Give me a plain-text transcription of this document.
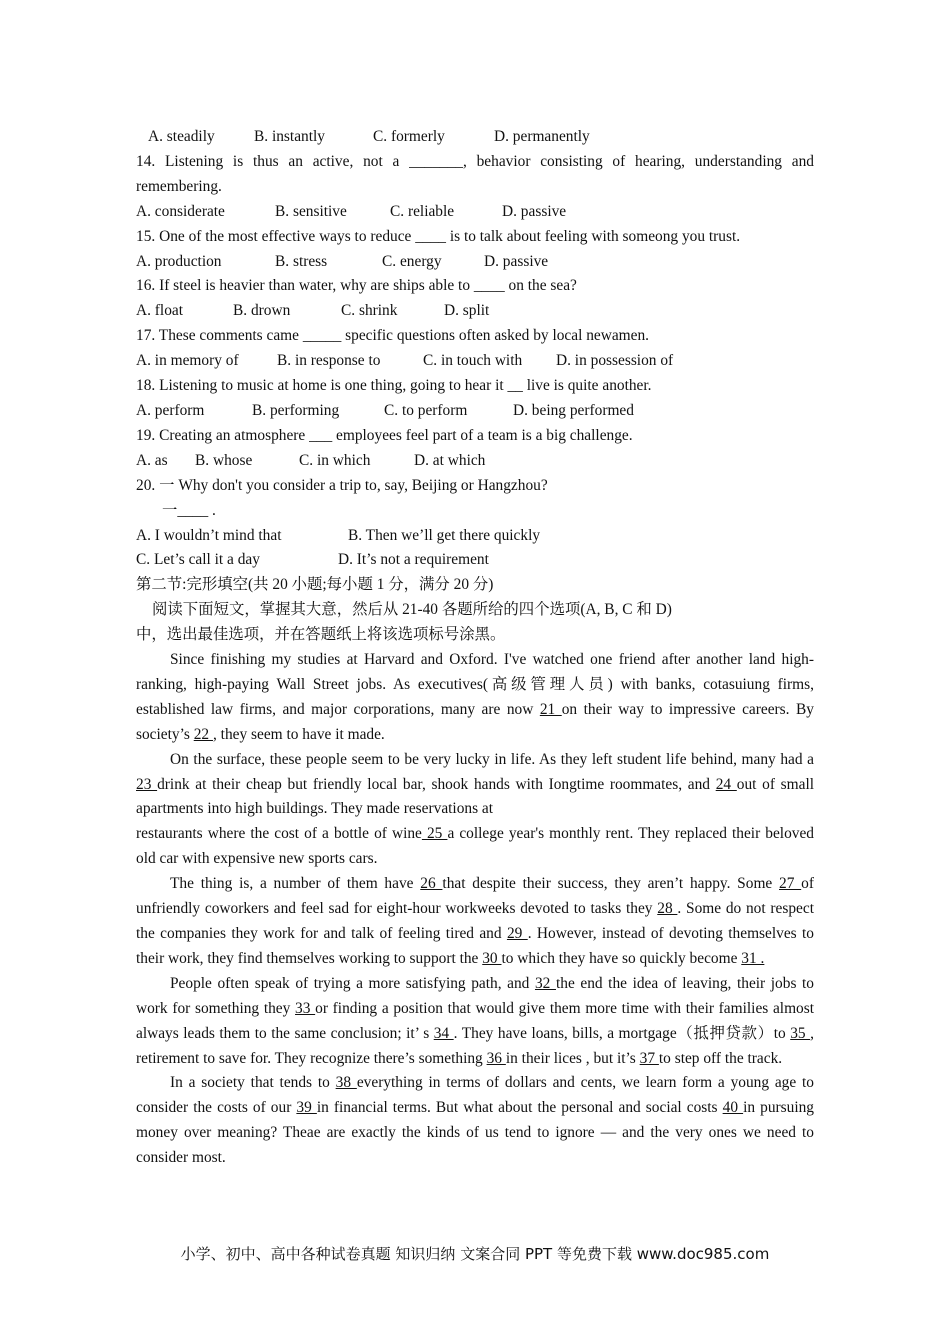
A. steadily	B. instantly	C. formerly	D. permanently
14. Listening is thus an active, not a _______, behavior consisting of hearing, understanding and
remembering.
A. considerate	B. sensitive	C. reliable	D. passive
15. One of the most effective ways to reduce ____ is to talk about feeling with someong you trust.
A. production	B. stress	C. energy	D. passive
16. If steel is heavier than water, why are ships able to ____ on the sea?
A. float	B. drown	C. shrink	D. split
17. These comments came _____ specific questions often asked by local newamen.
A. in memory of	B. in response to	C. in touch with	D. in possession of
18. Listening to music at home is one thing, going to hear it __ live is quite another.
A. perform	B. performing	C. to perform	D. being performed
19. Creating an atmosphere ___ employees feel part of a team is a big challenge.
A. as	B. whose	C. in which	D. at which
20. 一 Why don't you consider a trip to, say, Beijing or Hangzhou?
一____ .
A. I wouldn’t mind that	B. Then we’ll get there quickly
C. Let’s call it a day	D. It’s not a requirement
第二节:完形填空(共 20 小题;每小题 1 分，满分 20 分)
阅读下面短文，掌握其大意，然后从 21-40 各题所给的四个选项(A, B, C 和 D)
中，选出最佳选项，并在答题纸上将该选项标号涂黑。
Since finishing my studies at Harvard and Oxford. I've watched one friend after another land high-ranking, high-paying Wall Street jobs. As executives(高级管理人员) with banks, cotasuiung firms, established law firms, and major corporations, many are now 21 on their way to impressive careers. By society’s 22 , they seem to have it made.
On the surface, these people seem to be very lucky in life. As they left student life behind, many had a 23 drink at their cheap but friendly local bar, shook hands with Iongtime roommates, and 24 out of small apartments into high buildings. They made reservations at
restaurants where the cost of a bottle of wine 25 a college year's monthly rent. They replaced their beloved old car with expensive new sports cars.
The thing is, a number of them have 26 that despite their success, they aren’t happy. Some 27 of unfriendly coworkers and feel sad for eight-hour workweeks devoted to tasks they 28 . Some do not respect the companies they work for and talk of feeling tired and 29 . However, instead of devoting themselves to their work, they find themselves working to support the 30 to which they have so quickly become 31 .
People often speak of trying a more satisfying path, and 32 the end the idea of leaving, their jobs to work for something they 33 or finding a position that would give them more time with their families almost always leads them to the same conclusion; it’ s 34 . They have loans, bills, a mortgage（抵押贷款）to 35 , retirement to save for. They recognize there’s something 36 in their lices , but it’s 37 to step off the track.
In a society that tends to 38 everything in terms of dollars and cents, we learn form a young age to consider the costs of our 39 in financial terms. But what about the personal and social costs 40 in pursuing money over meaning? Theae are exactly the kinds of us tend to ignore — and the very ones we need to consider most.
小学、初中、高中各种试卷真题 知识归纳 文案合同 PPT 等免费下载 www.doc985.com
